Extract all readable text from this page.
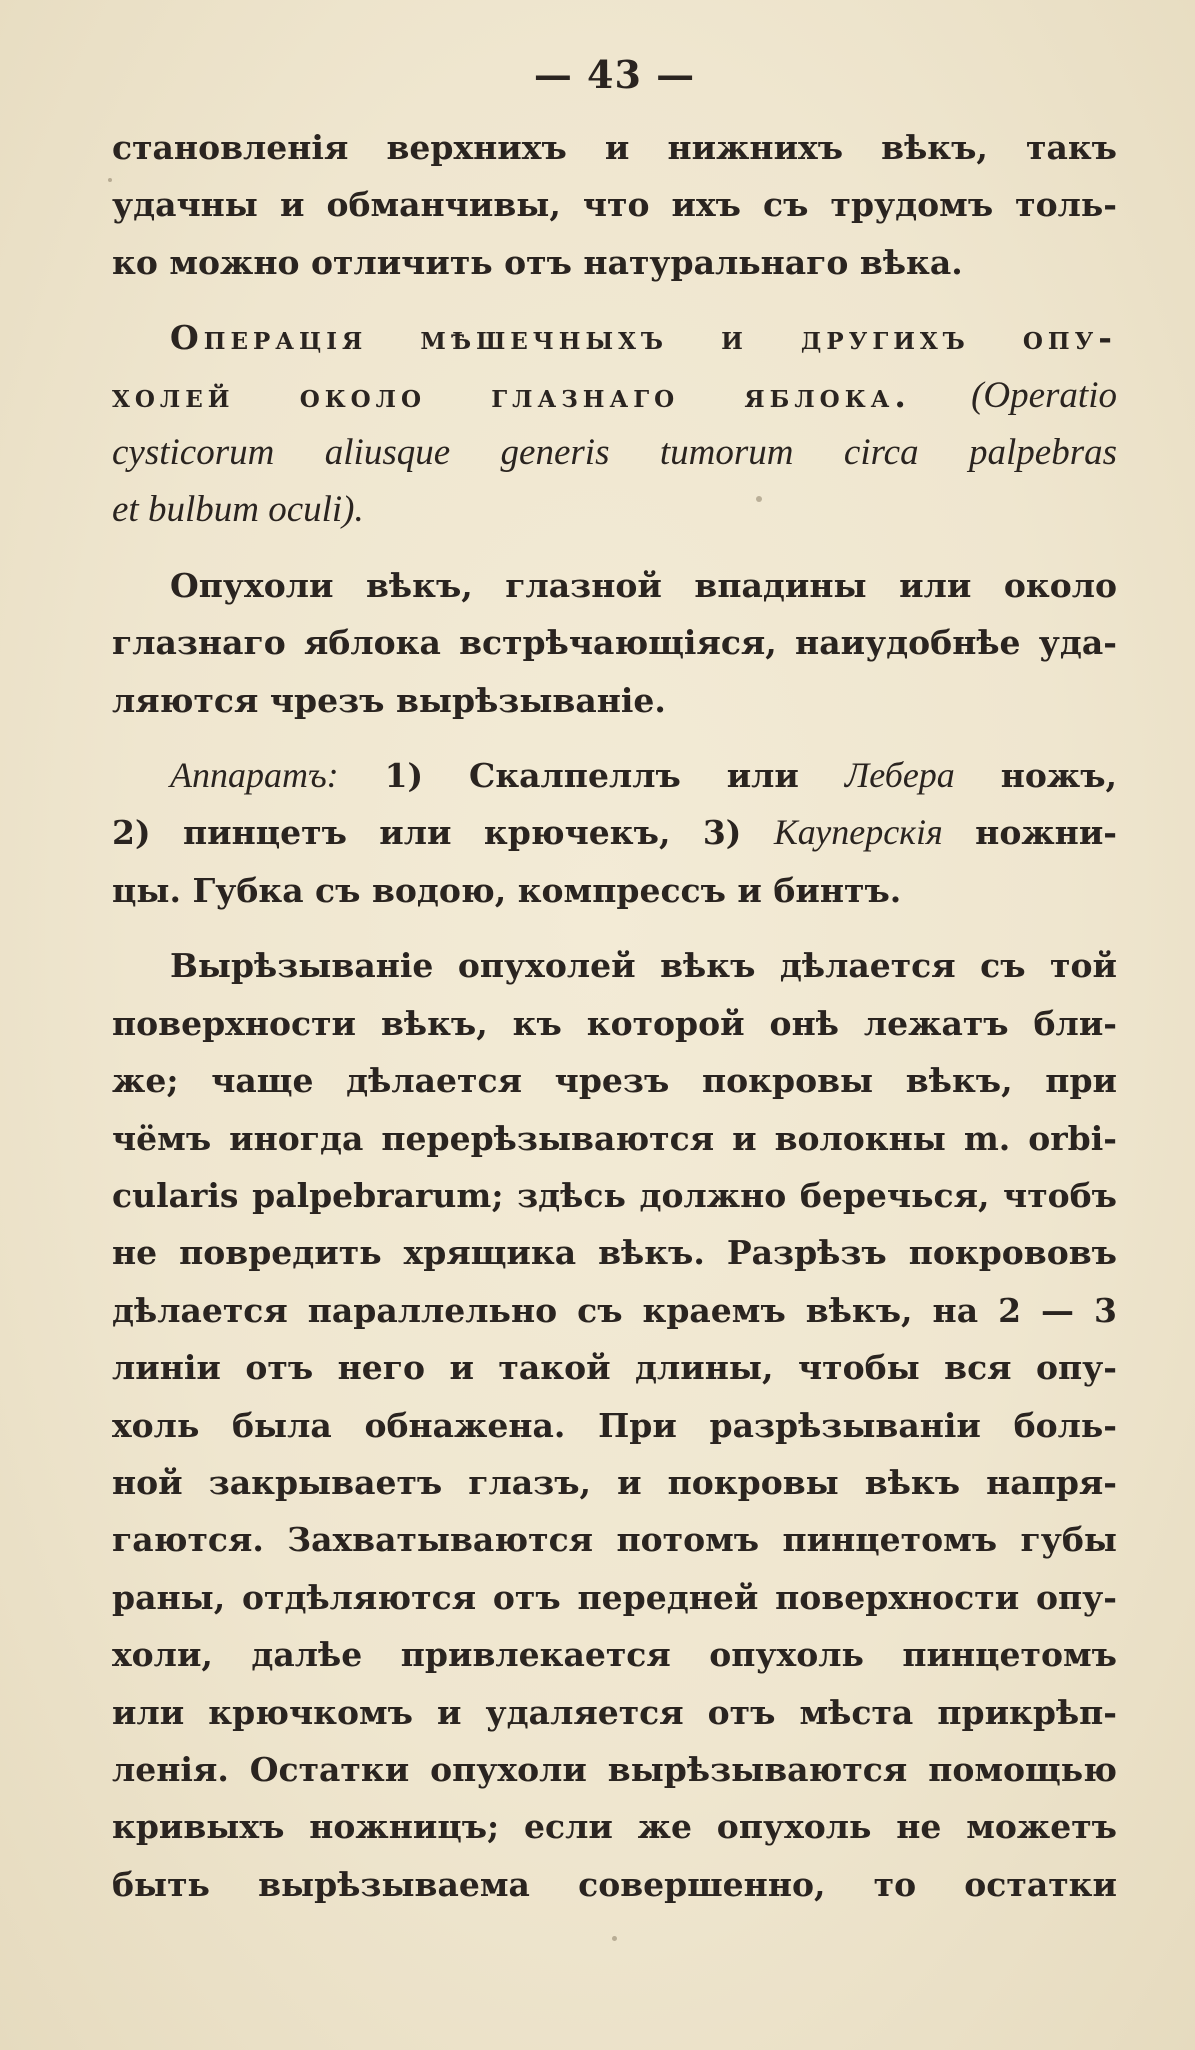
— 43 —
становленія верхнихъ и нижнихъ вѣкъ, такъ
удачны и обманчивы, что ихъ съ трудомъ толь-
ко можно отличить отъ натуральнаго вѣка.
Операція мѣшечныхъ и другихъ опу-
холей около глазнаго яблока. (Operatio
cysticorum aliusque generis tumorum circa palpebras
et bulbum oculi).
Опухоли вѣкъ, глазной впадины или около
глазнаго яблока встрѣчающіяся, наиудобнѣе уда-
ляются чрезъ вырѣзываніе.
Аппаратъ: 1) Скалпеллъ или Лебера ножъ,
2) пинцетъ или крючекъ, 3) Кауперскія ножни-
цы. Губка съ водою, компрессъ и бинтъ.
Вырѣзываніе опухолей вѣкъ дѣлается съ той
поверхности вѣкъ, къ которой онѣ лежатъ бли-
же; чаще дѣлается чрезъ покровы вѣкъ, при
чёмъ иногда перерѣзываются и волокны m. orbi-
cularis palpebrarum; здѣсь должно беречься, чтобъ
не повредить хрящика вѣкъ. Разрѣзъ покрововъ
дѣлается параллельно съ краемъ вѣкъ, на 2 — 3
линіи отъ него и такой длины, чтобы вся опу-
холь была обнажена. При разрѣзываніи боль-
ной закрываетъ глазъ, и покровы вѣкъ напря-
гаются. Захватываются потомъ пинцетомъ губы
раны, отдѣляются отъ передней поверхности опу-
холи, далѣе привлекается опухоль пинцетомъ
или крючкомъ и удаляется отъ мѣста прикрѣп-
ленія. Остатки опухоли вырѣзываются помощью
кривыхъ ножницъ; если же опухоль не можетъ
быть вырѣзываема совершенно, то остатки
